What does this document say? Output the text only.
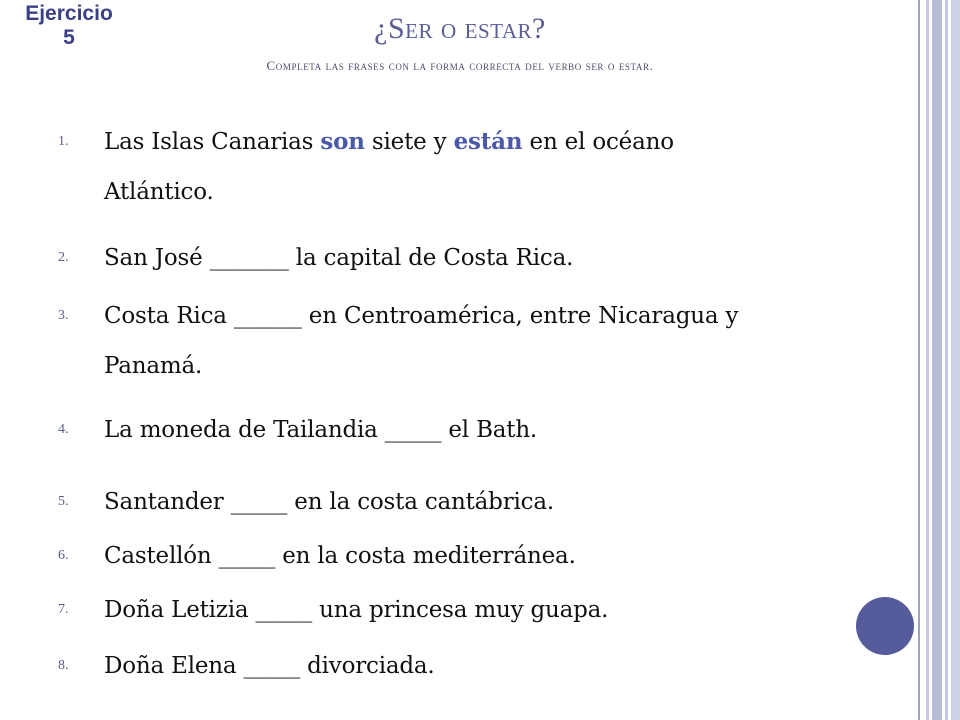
Ejercicio
5	¿Ser o estar?
Completa las frases con la forma correcta del verbo ser o estar.
1.	Las Islas Canarias son siete y están en el océano
Atlántico.
2.	San José _______ la capital de Costa Rica.
3.	Costa Rica ______ en Centroamérica, entre Nicaragua y
Panamá.
4.	La moneda de Tailandia _____ el Bath.
5.	Santander _____ en la costa cantábrica.
6.	Castellón _____ en la costa mediterránea.
7.	Doña Letizia _____ una princesa muy guapa.
8.	Doña Elena _____ divorciada.
